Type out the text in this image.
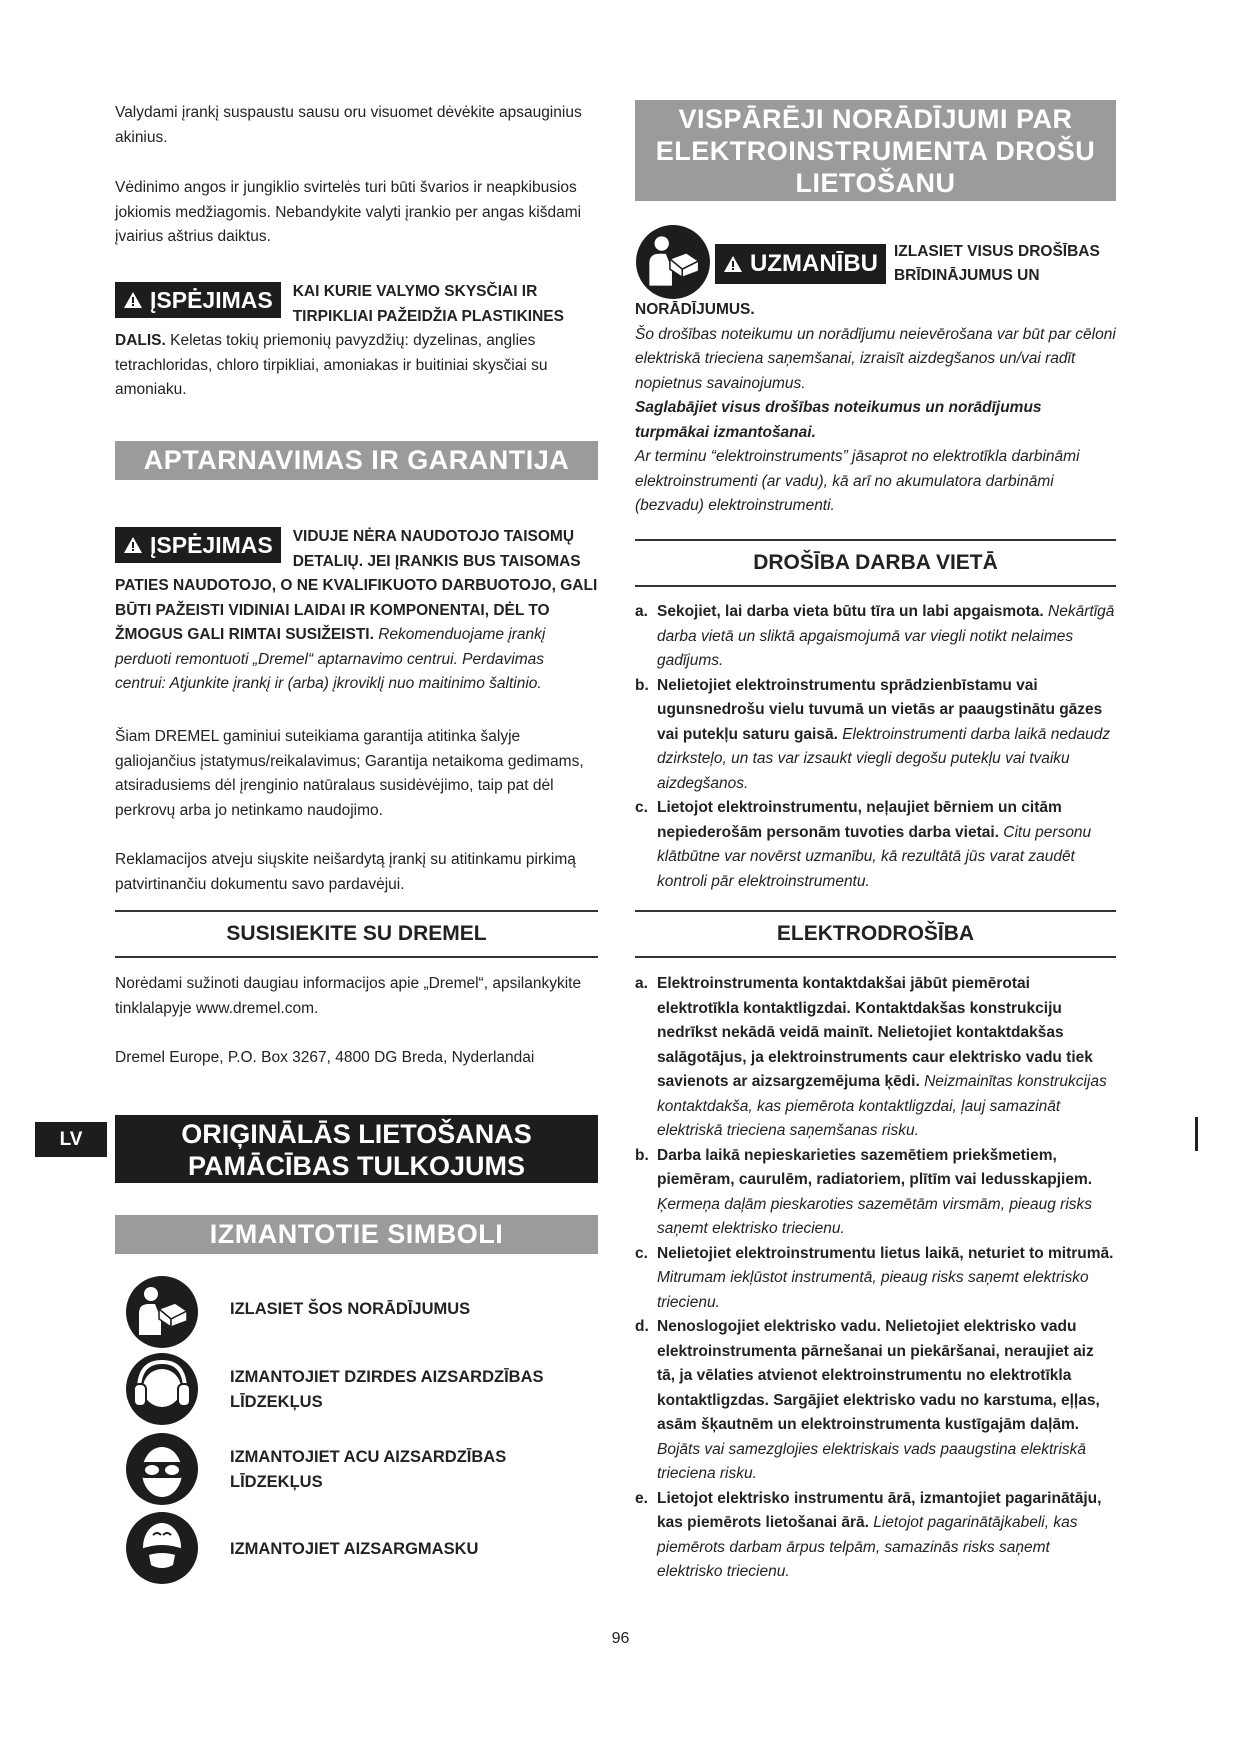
Valydami įrankį suspaustu sausu oru visuomet dėvėkite apsauginius akinius.

Vėdinimo angos ir jungiklio svirtelės turi būti švarios ir neapkibusios jokiomis medžiagomis. Nebandykite valyti įrankio per angas kišdami įvairius aštrius daiktus.

ĮSPĖJIMAS KAI KURIE VALYMO SKYSČIAI IR

TIRPIKLIAI PAŽEIDŽIA PLASTIKINES

DALIS. Keletas tokių priemonių pavyzdžių: dyzelinas, anglies tetrachloridas, chloro tirpikliai, amoniakas ir buitiniai skysčiai su amoniaku.

APTARNAVIMAS IR GARANTIJA
ĮSPĖJIMAS VIDUJE NĖRA NAUDOTOJO TAISOMŲ

DETALIŲ. JEI ĮRANKIS BUS TAISOMAS

PATIES NAUDOTOJO, O NE KVALIFIKUOTO DARBUOTOJO, GALI BŪTI PAŽEISTI VIDINIAI LAIDAI IR KOMPONENTAI, DĖL TO ŽMOGUS GALI RIMTAI SUSIŽEISTI. Rekomenduojame įrankį perduoti remontuoti „Dremel“ aptarnavimo centrui. Perdavimas centrui: Atjunkite įrankį ir (arba) įkroviklį nuo maitinimo šaltinio.

Šiam DREMEL gaminiui suteikiama garantija atitinka šalyje galiojančius įstatymus/reikalavimus; Garantija netaikoma gedimams, atsiradusiems dėl įrenginio natūralaus susidėvėjimo, taip pat dėl perkrovų arba jo netinkamo naudojimo.

Reklamacijos atveju siųskite neišardytą įrankį su atitinkamu pirkimą patvirtinančiu dokumentu savo pardavėjui.

SUSISIEKITE SU DREMEL

Norėdami sužinoti daugiau informacijos apie „Dremel“, apsilankykite tinklalapyje www.dremel.com.

Dremel Europe, P.O. Box 3267, 4800 DG Breda, Nyderlandai

LV	ORIĢINĀLĀS LIETOŠANAS
PAMĀCĪBAS TULKOJUMS
IZMANTOTIE SIMBOLI
IZLASIET ŠOS NORĀDĪJUMUS
IZMANTOJIET DZIRDES AIZSARDZĪBAS
LĪDZEKĻUS
IZMANTOJIET ACU AIZSARDZĪBAS
LĪDZEKĻUS
IZMANTOJIET AIZSARGMASKU
VISPĀRĒJI NORĀDĪJUMI PAR
ELEKTROINSTRUMENTA DROŠU
LIETOŠANU
UZMANĪBU IZLASIET VISUS DROŠĪBAS

BRĪDINĀJUMUS UN

NORĀDĪJUMUS.

Šo drošības noteikumu un norādījumu neievērošana var būt par cēloni elektriskā trieciena saņemšanai, izraisīt aizdegšanos un/vai radīt nopietnus savainojumus.

Saglabājiet visus drošības noteikumus un norādījumus turpmākai izmantošanai.

Ar terminu “elektroinstruments” jāsaprot no elektrotīkla darbināmi elektroinstrumenti (ar vadu), kā arī no akumulatora darbināmi (bezvadu) elektroinstrumenti.

DROŠĪBA DARBA VIETĀ
a. Sekojiet, lai darba vieta būtu tīra un labi apgaismota. Nekārtīgā darba vietā un sliktā apgaismojumā var viegli notikt nelaimes gadījums.

b. Nelietojiet elektroinstrumentu sprādzienbīstamu vai ugunsnedrošu vielu tuvumā un vietās ar paaugstinātu gāzes vai putekļu saturu gaisā. Elektroinstrumenti darba laikā nedaudz dzirksteļo, un tas var izsaukt viegli degošu putekļu vai tvaiku aizdegšanos.

c. Lietojot elektroinstrumentu, neļaujiet bērniem un citām nepiederošām personām tuvoties darba vietai. Citu personu klātbūtne var novērst uzmanību, kā rezultātā jūs varat zaudēt kontroli pār elektroinstrumentu.

ELEKTRODROŠĪBA
a. Elektroinstrumenta kontaktdakšai jābūt piemērotai elektrotīkla kontaktligzdai. Kontaktdakšas konstrukciju nedrīkst nekādā veidā mainīt. Nelietojiet kontaktdakšas salāgotājus, ja elektroinstruments caur elektrisko vadu tiek savienots ar aizsargzemējuma ķēdi. Neizmainītas konstrukcijas kontaktdakša, kas piemērota kontaktligzdai, ļauj samazināt elektriskā trieciena saņemšanas risku.

b. Darba laikā nepieskarieties sazemētiem priekšmetiem, piemēram, caurulēm, radiatoriem, plītīm vai ledusskapjiem. Ķermeņa daļām pieskaroties sazemētām virsmām, pieaug risks saņemt elektrisko triecienu.

c. Nelietojiet elektroinstrumentu lietus laikā, neturiet to mitrumā. Mitrumam iekļūstot instrumentā, pieaug risks saņemt elektrisko triecienu.

d. Nenoslogojiet elektrisko vadu. Nelietojiet elektrisko vadu elektroinstrumenta pārnešanai un piekāršanai, neraujiet aiz tā, ja vēlaties atvienot elektroinstrumentu no elektrotīkla kontaktligzdas. Sargājiet elektrisko vadu no karstuma, eļļas, asām šķautnēm un elektroinstrumenta kustīgajām daļām. Bojāts vai samezglojies elektriskais vads paaugstina elektriskā trieciena risku.

e. Lietojot elektrisko instrumentu ārā, izmantojiet pagarinātāju, kas piemērots lietošanai ārā. Lietojot pagarinātājkabeli, kas piemērots darbam ārpus telpām, samazinās risks saņemt elektrisko triecienu.

96
